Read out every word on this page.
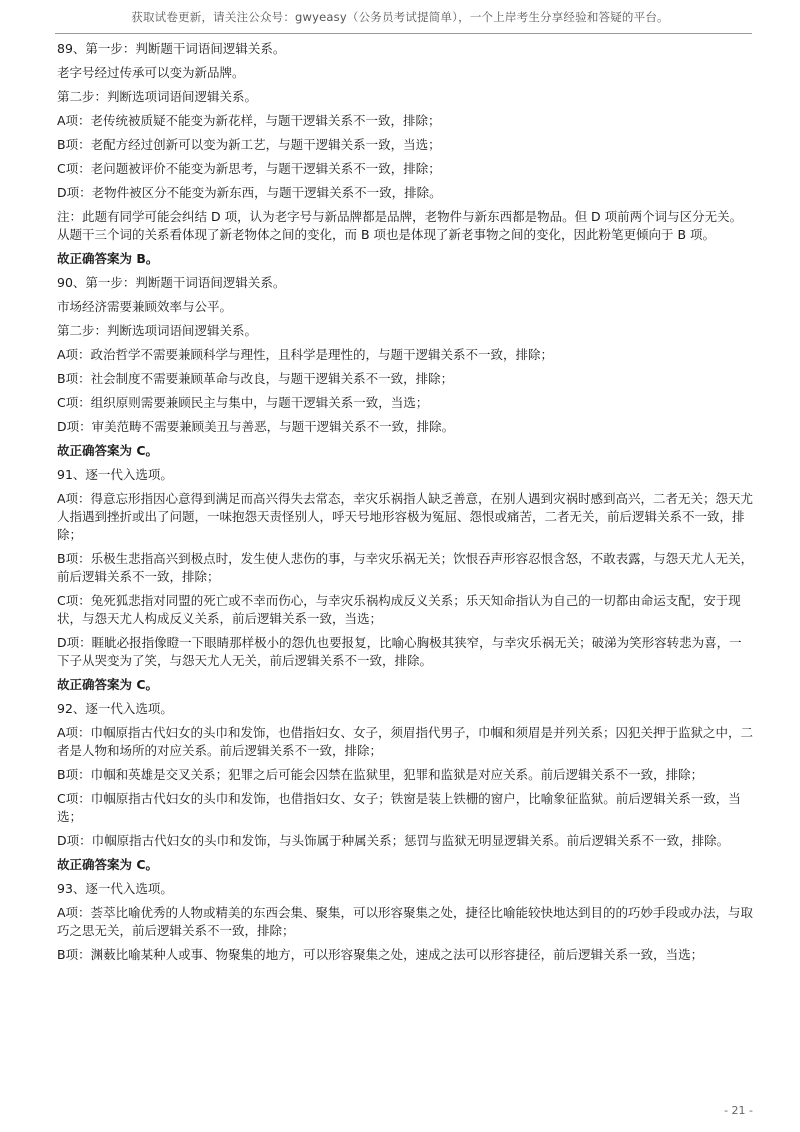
获取试卷更新，请关注公众号：gwyeasy（公务员考试提简单），一个上岸考生分享经验和答疑的平台。

89、第一步：判断题干词语间逻辑关系。

老字号经过传承可以变为新品牌。

第二步：判断选项词语间逻辑关系。

A项：老传统被质疑不能变为新花样，与题干逻辑关系不一致，排除；

B项：老配方经过创新可以变为新工艺，与题干逻辑关系一致，当选；

C项：老问题被评价不能变为新思考，与题干逻辑关系不一致，排除；

D项：老物件被区分不能变为新东西，与题干逻辑关系不一致，排除。

注：此题有同学可能会纠结 D 项，认为老字号与新品牌都是品牌，老物件与新东西都是物品。但 D 项前两个词与区分无关。从题干三个词的关系看体现了新老物体之间的变化，而 B 项也是体现了新老事物之间的变化，因此粉笔更倾向于 B 项。

故正确答案为 B。

90、第一步：判断题干词语间逻辑关系。

市场经济需要兼顾效率与公平。

第二步：判断选项词语间逻辑关系。

A项：政治哲学不需要兼顾科学与理性，且科学是理性的，与题干逻辑关系不一致，排除；

B项：社会制度不需要兼顾革命与改良，与题干逻辑关系不一致，排除；

C项：组织原则需要兼顾民主与集中，与题干逻辑关系一致，当选；

D项：审美范畴不需要兼顾美丑与善恶，与题干逻辑关系不一致，排除。

故正确答案为 C。

91、逐一代入选项。

A项：得意忘形指因心意得到满足而高兴得失去常态，幸灾乐祸指人缺乏善意，在别人遇到灾祸时感到高兴，二者无关；怨天尤人指遇到挫折或出了问题，一味抱怨天责怪别人，呼天号地形容极为冤屈、怨恨或痛苦，二者无关，前后逻辑关系不一致，排除；

B项：乐极生悲指高兴到极点时，发生使人悲伤的事，与幸灾乐祸无关；饮恨吞声形容忍恨含怒，不敢表露，与怨天尤人无关，前后逻辑关系不一致，排除；

C项：兔死狐悲指对同盟的死亡或不幸而伤心，与幸灾乐祸构成反义关系；乐天知命指认为自己的一切都由命运支配，安于现状，与怨天尤人构成反义关系，前后逻辑关系一致，当选；

D项：睚眦必报指像瞪一下眼睛那样极小的怨仇也要报复，比喻心胸极其狭窄，与幸灾乐祸无关；破涕为笑形容转悲为喜，一下子从哭变为了笑，与怨天尤人无关，前后逻辑关系不一致，排除。

故正确答案为 C。

92、逐一代入选项。

A项：巾帼原指古代妇女的头巾和发饰，也借指妇女、女子，须眉指代男子，巾帼和须眉是并列关系；囚犯关押于监狱之中，二者是人物和场所的对应关系。前后逻辑关系不一致，排除；

B项：巾帼和英雄是交叉关系；犯罪之后可能会囚禁在监狱里，犯罪和监狱是对应关系。前后逻辑关系不一致，排除；

C项：巾帼原指古代妇女的头巾和发饰，也借指妇女、女子；铁窗是装上铁栅的窗户，比喻象征监狱。前后逻辑关系一致，当选；

D项：巾帼原指古代妇女的头巾和发饰，与头饰属于种属关系；惩罚与监狱无明显逻辑关系。前后逻辑关系不一致，排除。

故正确答案为 C。

93、逐一代入选项。

A项：荟萃比喻优秀的人物或精美的东西会集、聚集，可以形容聚集之处，捷径比喻能较快地达到目的的巧妙手段或办法，与取巧之思无关，前后逻辑关系不一致，排除；

B项：渊薮比喻某种人或事、物聚集的地方，可以形容聚集之处，速成之法可以形容捷径，前后逻辑关系一致，当选；

- 21 -
